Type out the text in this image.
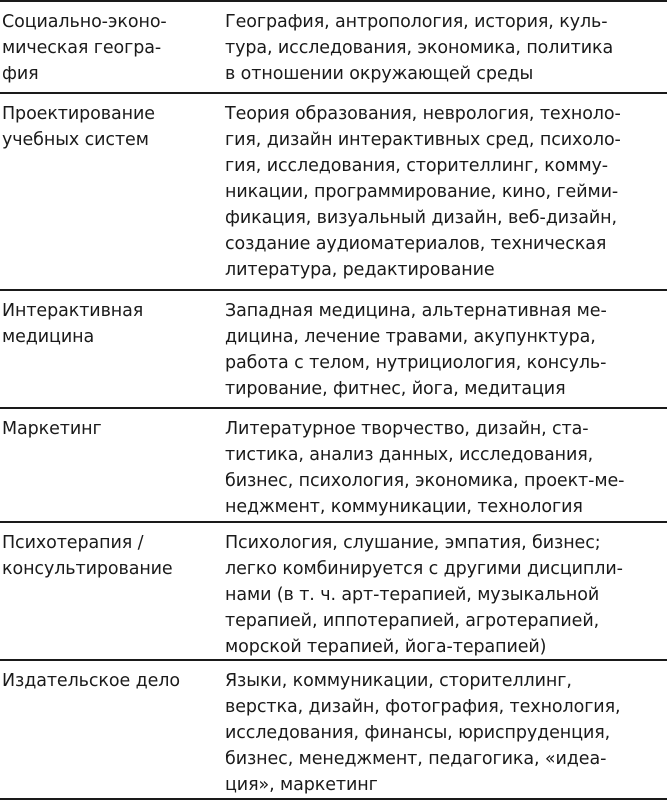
Социально-эконо-
мическая геогра-
фия
География, антропология, история, куль-
тура, исследования, экономика, политика
в отношении окружающей среды
Проектирование
учебных систем
Теория образования, неврология, техноло-
гия, дизайн интерактивных сред, психоло-
гия, исследования, сторителлинг, комму-
никации, программирование, кино, гейми-
фикация, визуальный дизайн, веб-дизайн,
создание аудиоматериалов, техническая
литература, редактирование
Интерактивная
медицина
Западная медицина, альтернативная ме-
дицина, лечение травами, акупунктура,
работа с телом, нутрициология, консуль-
тирование, фитнес, йога, медитация
Маркетинг	Литературное творчество, дизайн, ста-
тистика, анализ данных, исследования,
бизнес, психология, экономика, проект-ме-
неджмент, коммуникации, технология
Психотерапия /
консультирование
Психология, слушание, эмпатия, бизнес;
легко комбинируется с другими дисципли-
нами (в т. ч. арт-терапией, музыкальной
терапией, иппотерапией, агротерапией,
морской терапией, йога-терапией)
Издательское дело	Языки, коммуникации, сторителлинг,
верстка, дизайн, фотография, технология,
исследования, финансы, юриспруденция,
бизнес, менеджмент, педагогика, «идеа-
ция», маркетинг
